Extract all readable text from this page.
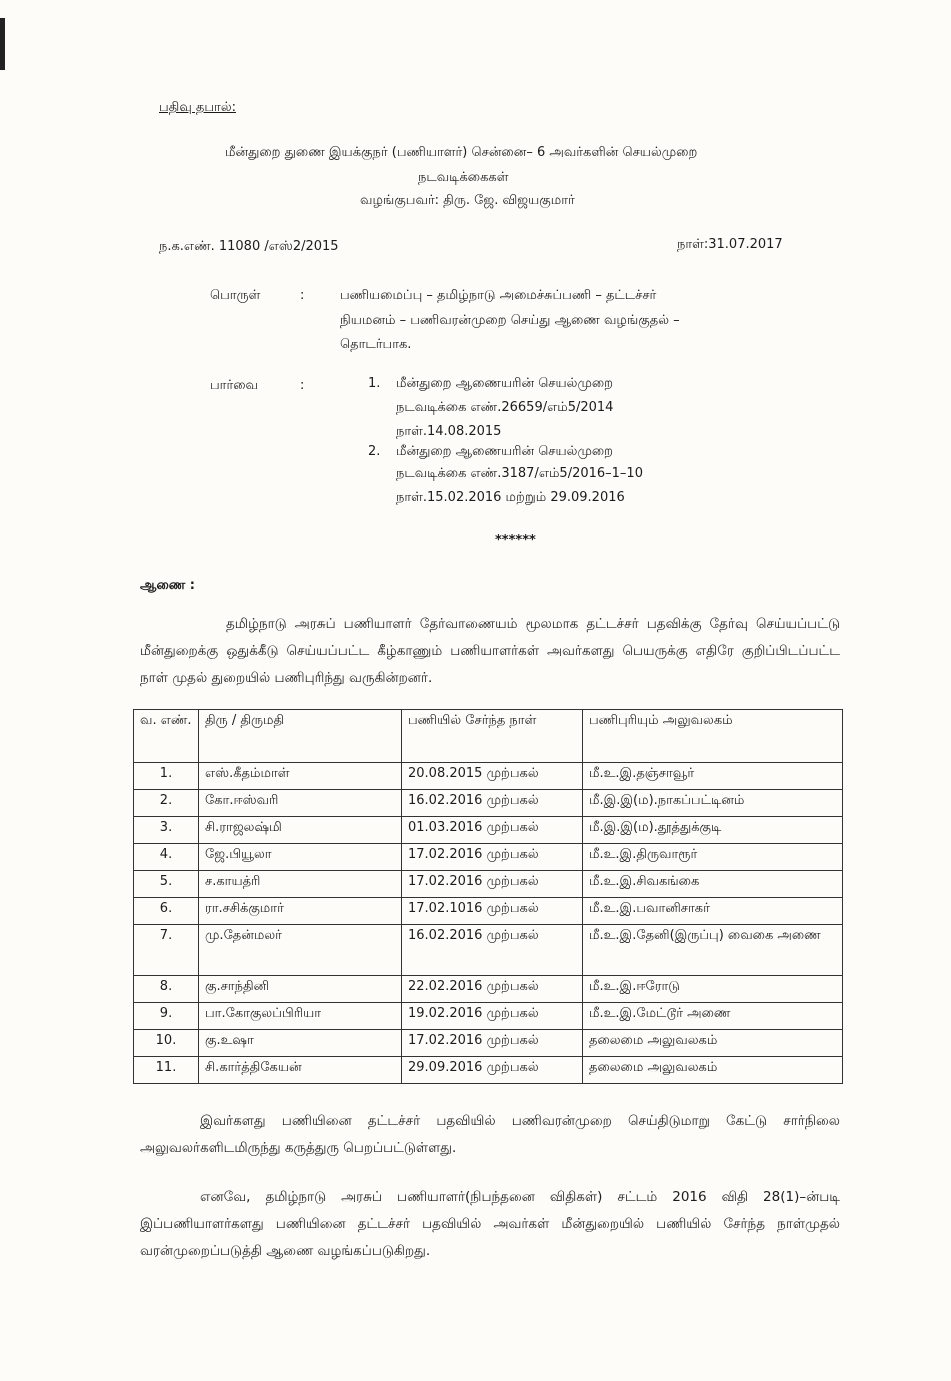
பதிவு தபால்:
மீன்துறை துணை இயக்குநர் (பணியாளர்) சென்னை– 6 அவர்களின் செயல்முறை
நடவடிக்கைகள்
வழங்குபவர்: திரு. ஜே. விஜயகுமார்
ந.க.எண். 11080 /எஸ்2/2015	நாள்:31.07.2017
பொருள்	:	பணியமைப்பு – தமிழ்நாடு அமைச்சுப்பணி – தட்டச்சர்
நியமனம் – பணிவரன்முறை செய்து ஆணை வழங்குதல் –
தொடர்பாக.
பார்வை	:	1. மீன்துறை ஆணையரின் செயல்முறை
நடவடிக்கை எண்.26659/எம்5/2014
நாள்.14.08.2015
2. மீன்துறை ஆணையரின் செயல்முறை
நடவடிக்கை எண்.3187/எம்5/2016–1–10
நாள்.15.02.2016 மற்றும் 29.09.2016
******
ஆணை :
தமிழ்நாடு அரசுப் பணியாளர் தேர்வாணையம் மூலமாக தட்டச்சர் பதவிக்கு தேர்வு செய்யப்பட்டு மீன்துறைக்கு ஒதுக்கீடு செய்யப்பட்ட கீழ்காணும் பணியாளர்கள் அவர்களது பெயருக்கு எதிரே குறிப்பிடப்பட்ட நாள் முதல் துறையில் பணிபுரிந்து வருகின்றனர்.
வ. எண்.	திரு / திருமதி	பணியில் சேர்ந்த நாள்	பணிபுரியும் அலுவலகம்
1.	எஸ்.கீதம்மாள்	20.08.2015 முற்பகல்	மீ.உ.இ.தஞ்சாவூர்
2.	கோ.ஈஸ்வரி	16.02.2016 முற்பகல்	மீ.இ.இ(ம).நாகப்பட்டினம்
3.	சி.ராஜலஷ்மி	01.03.2016 முற்பகல்	மீ.இ.இ(ம).தூத்துக்குடி
4.	ஜே.பியூலா	17.02.2016 முற்பகல்	மீ.உ.இ.திருவாரூர்
5.	ச.காயத்ரி	17.02.2016 முற்பகல்	மீ.உ.இ.சிவகங்கை
6.	ரா.சசிக்குமார்	17.02.1016 முற்பகல்	மீ.உ.இ.பவானிசாகர்
7.	மு.தேன்மலர்	16.02.2016 முற்பகல்	மீ.உ.இ.தேனி(இருப்பு) வைகை அணை
8.	கு.சாந்தினி	22.02.2016 முற்பகல்	மீ.உ.இ.ஈரோடு
9.	பா.கோகுலப்பிரியா	19.02.2016 முற்பகல்	மீ.உ.இ.மேட்டூர் அணை
10.	கு.உஷா	17.02.2016 முற்பகல்	தலைமை அலுவலகம்
11.	சி.கார்த்திகேயன்	29.09.2016 முற்பகல்	தலைமை அலுவலகம்
இவர்களது பணியினை தட்டச்சர் பதவியில் பணிவரன்முறை செய்திடுமாறு கேட்டு சார்நிலை அலுவலர்களிடமிருந்து கருத்துரு பெறப்பட்டுள்ளது.
எனவே, தமிழ்நாடு அரசுப் பணியாளர்(நிபந்தனை விதிகள்) சட்டம் 2016 விதி 28(1)–ன்படி இப்பணியாளர்களது பணியினை தட்டச்சர் பதவியில் அவர்கள் மீன்துறையில் பணியில் சேர்ந்த நாள்முதல் வரன்முறைப்படுத்தி ஆணை வழங்கப்படுகிறது.
